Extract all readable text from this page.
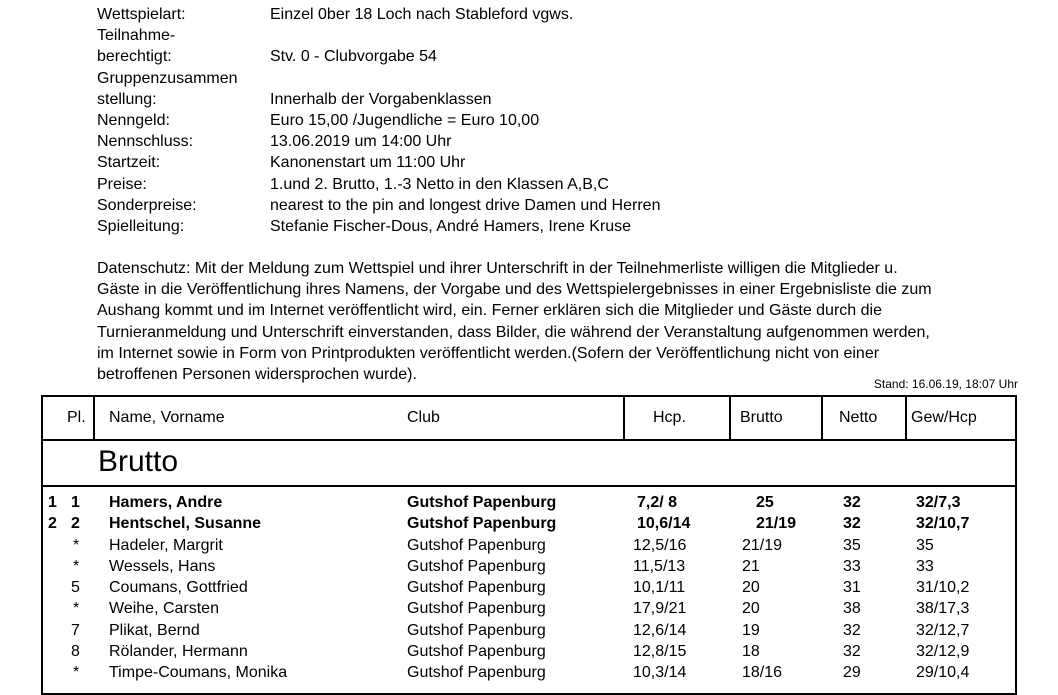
Wettspielart:	Einzel 0ber 18 Loch nach Stableford vgws.
Teilnahme-
berechtigt:	Stv. 0 - Clubvorgabe 54
Gruppenzusammen
stellung:	Innerhalb der Vorgabenklassen
Nenngeld:	Euro 15,00 /Jugendliche = Euro 10,00
Nennschluss:	13.06.2019 um 14:00 Uhr
Startzeit:	Kanonenstart um 11:00 Uhr
Preise:	1.und 2. Brutto, 1.-3 Netto in den Klassen A,B,C
Sonderpreise:	nearest to the pin and longest drive Damen und Herren
Spielleitung:	Stefanie Fischer-Dous, André Hamers, Irene Kruse
Datenschutz: Mit der Meldung zum Wettspiel und ihrer Unterschrift in der Teilnehmerliste willigen die Mitglieder u.
Gäste in die Veröffentlichung ihres Namens, der Vorgabe und des Wettspielergebnisses in einer Ergebnisliste die zum
Aushang kommt und im Internet veröffentlicht wird, ein. Ferner erklären sich die Mitglieder und Gäste durch die
Turnieranmeldung und Unterschrift einverstanden, dass Bilder, die während der Veranstaltung aufgenommen werden,
im Internet sowie in Form von Printprodukten veröffentlicht werden.(Sofern der Veröffentlichung nicht von einer
betroffenen Personen widersprochen wurde).
Stand: 16.06.19, 18:07 Uhr
Pl. Name, Vorname	Club	Hcp.	Brutto	Netto Gew/Hcp
Brutto
1 1 Hamers, Andre	Gutshof Papenburg	7,2/ 8	25	32	32/7,3
2 2 Hentschel, Susanne	Gutshof Papenburg	10,6/14	21/19	32	32/10,7
* Hadeler, Margrit	Gutshof Papenburg	12,5/16	21/19	35	35
* Wessels, Hans	Gutshof Papenburg	11,5/13	21	33	33
5 Coumans, Gottfried	Gutshof Papenburg	10,1/11	20	31	31/10,2
* Weihe, Carsten	Gutshof Papenburg	17,9/21	20	38	38/17,3
7 Plikat, Bernd	Gutshof Papenburg	12,6/14	19	32	32/12,7
8 Rölander, Hermann	Gutshof Papenburg	12,8/15	18	32	32/12,9
* Timpe-Coumans, Monika	Gutshof Papenburg	10,3/14	18/16	29	29/10,4
